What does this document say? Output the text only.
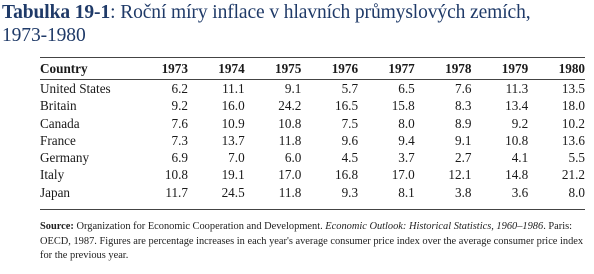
Tabulka 19-1: Roční míry inflace v hlavních průmyslových zemích,
1973-1980
Country	1973	1974	1975	1976	1977	1978	1979	1980

United States	6.2	11.1	9.1	5.7	6.5	7.6	11.3	13.5
Britain	9.2	16.0	24.2	16.5	15.8	8.3	13.4	18.0
Canada	7.6	10.9	10.8	7.5	8.0	8.9	9.2	10.2
France	7.3	13.7	11.8	9.6	9.4	9.1	10.8	13.6
Germany	6.9	7.0	6.0	4.5	3.7	2.7	4.1	5.5
Italy	10.8	19.1	17.0	16.8	17.0	12.1	14.8	21.2
Japan	11.7	24.5	11.8	9.3	8.1	3.8	3.6	8.0
Source: Organization for Economic Cooperation and Development. Economic Outlook: Historical Statistics, 1960–1986. Paris: OECD, 1987. Figures are percentage increases in each year's average consumer price index over the average consumer price index for the previous year.
